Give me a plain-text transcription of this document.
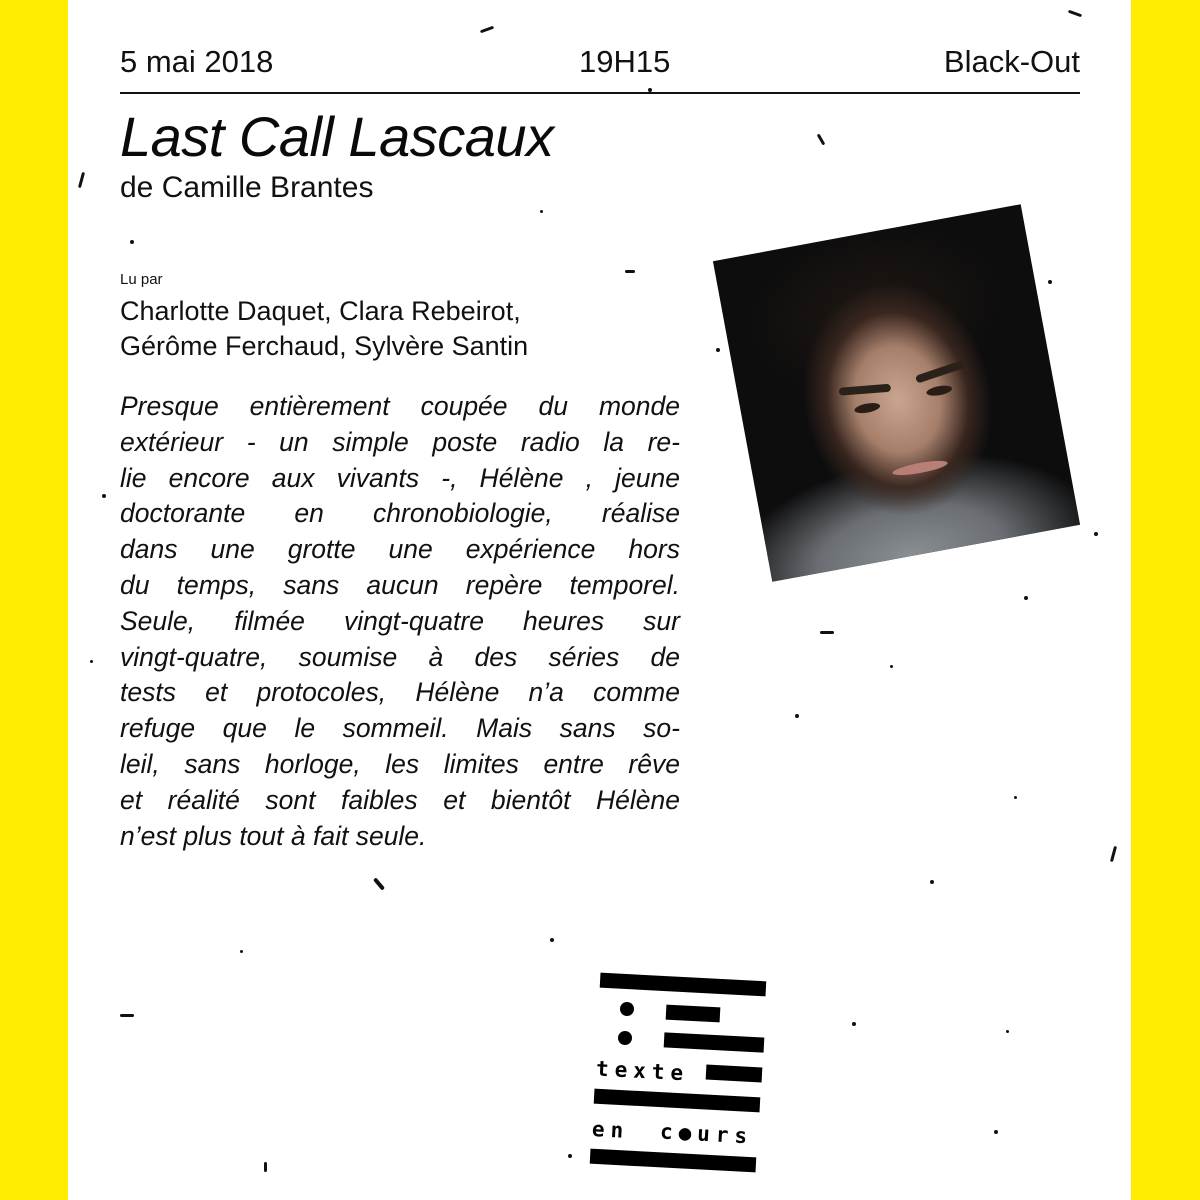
5 mai 2018	19H15	Black-Out
Last Call Lascaux
de Camille Brantes
Lu par
Charlotte Daquet, Clara Rebeirot,
Gérôme Ferchaud, Sylvère Santin
Presque entièrement coupée du monde
extérieur - un simple poste radio la re-
lie encore aux vivants -, Hélène , jeune
doctorante en chronobiologie, réalise
dans une grotte une expérience hors
du temps, sans aucun repère temporel.
Seule, filmée vingt-quatre heures sur
vingt-quatre, soumise à des séries de
tests et protocoles, Hélène n’a comme
refuge que le sommeil. Mais sans so-
leil, sans horloge, les limites entre rêve
et réalité sont faibles et bientôt Hélène
n’est plus tout à fait seule.
texte
en c●urs
